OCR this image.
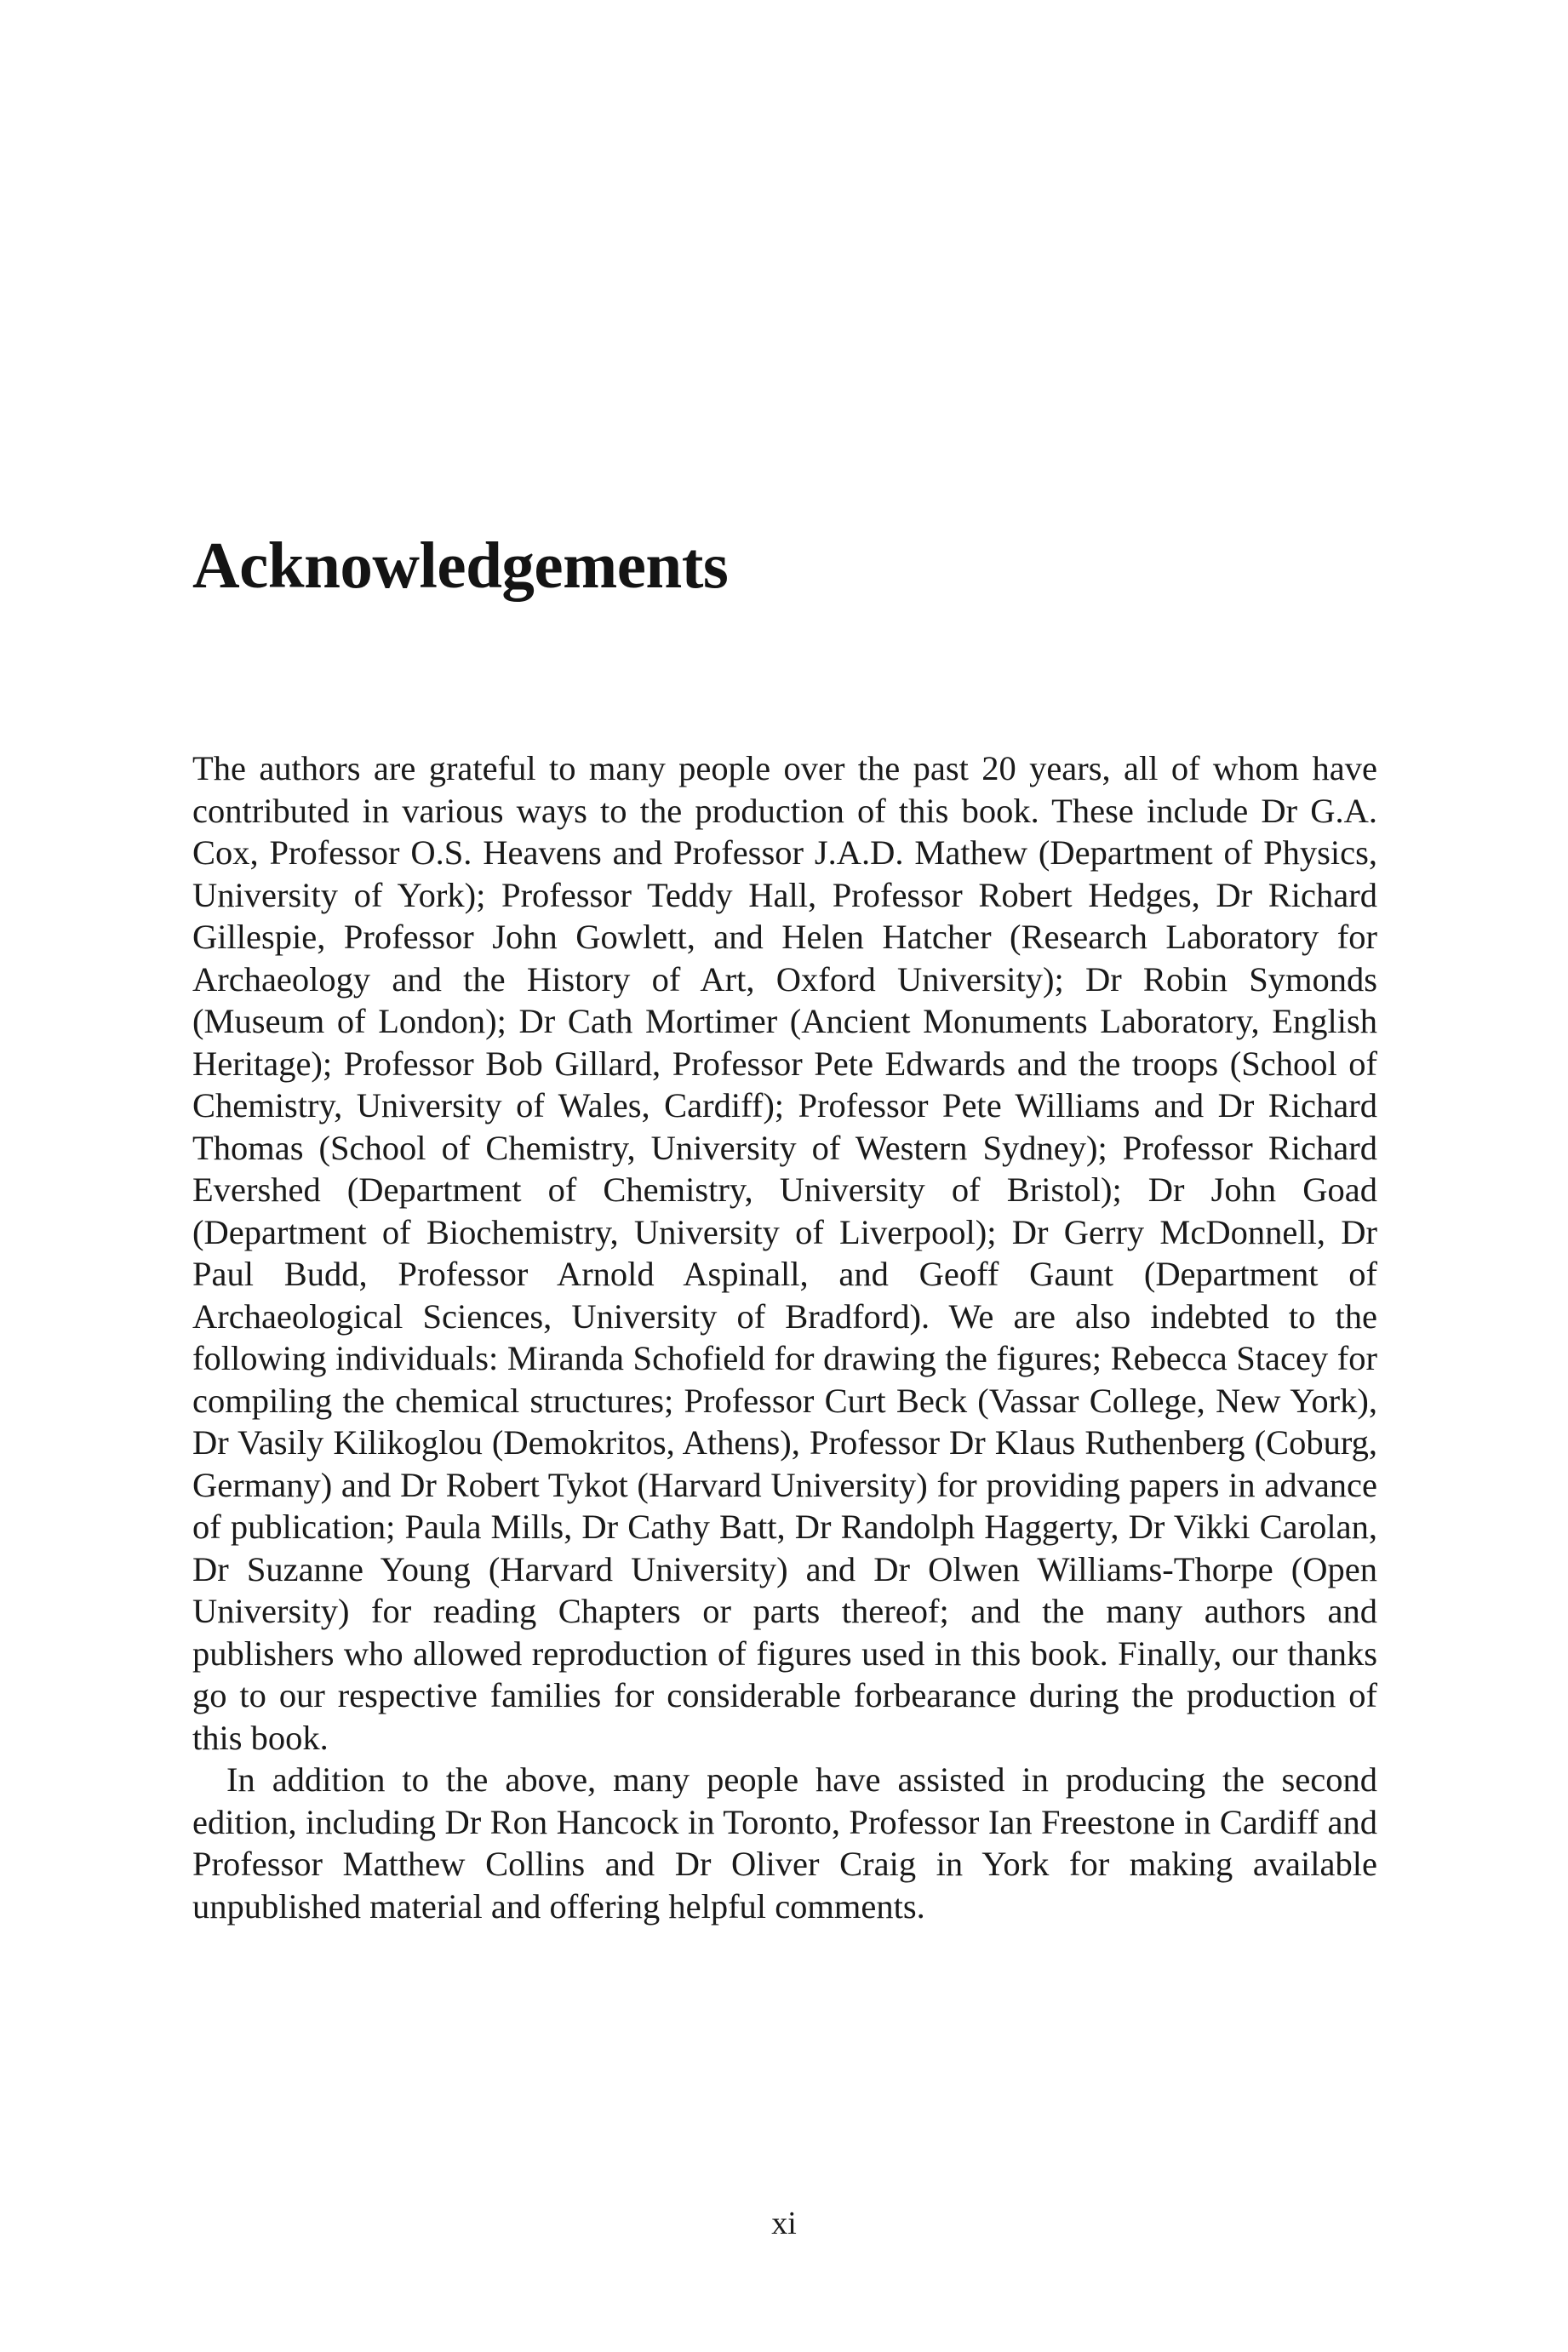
Acknowledgements

The authors are grateful to many people over the past 20 years, all of whom have contributed in various ways to the production of this book. These include Dr G.A. Cox, Professor O.S. Heavens and Professor J.A.D. Mathew (Department of Physics, University of York); Professor Teddy Hall, Professor Robert Hedges, Dr Richard Gillespie, Professor John Gowlett, and Helen Hatcher (Research Laboratory for Archaeology and the History of Art, Oxford University); Dr Robin Symonds (Museum of London); Dr Cath Mortimer (Ancient Monuments Laboratory, English Heritage); Professor Bob Gillard, Professor Pete Edwards and the troops (School of Chemistry, University of Wales, Cardiff); Professor Pete Williams and Dr Richard Thomas (School of Chemistry, University of Western Sydney); Professor Richard Evershed (Department of Chemistry, University of Bristol); Dr John Goad (Department of Biochemistry, University of Liverpool); Dr Gerry McDonnell, Dr Paul Budd, Professor Arnold Aspinall, and Geoff Gaunt (Department of Archaeological Sciences, University of Bradford). We are also indebted to the following individuals: Miranda Schofield for drawing the figures; Rebecca Stacey for compiling the chemical structures; Professor Curt Beck (Vassar College, New York), Dr Vasily Kilikoglou (Demokritos, Athens), Professor Dr Klaus Ruthenberg (Coburg, Germany) and Dr Robert Tykot (Harvard University) for providing papers in advance of publication; Paula Mills, Dr Cathy Batt, Dr Randolph Haggerty, Dr Vikki Carolan, Dr Suzanne Young (Harvard University) and Dr Olwen Williams-Thorpe (Open University) for reading Chapters or parts thereof; and the many authors and publishers who allowed reproduction of figures used in this book. Finally, our thanks go to our respective families for considerable forbearance during the production of this book.

In addition to the above, many people have assisted in producing the second edition, including Dr Ron Hancock in Toronto, Professor Ian Freestone in Cardiff and Professor Matthew Collins and Dr Oliver Craig in York for making available unpublished material and offering helpful comments.

xi
